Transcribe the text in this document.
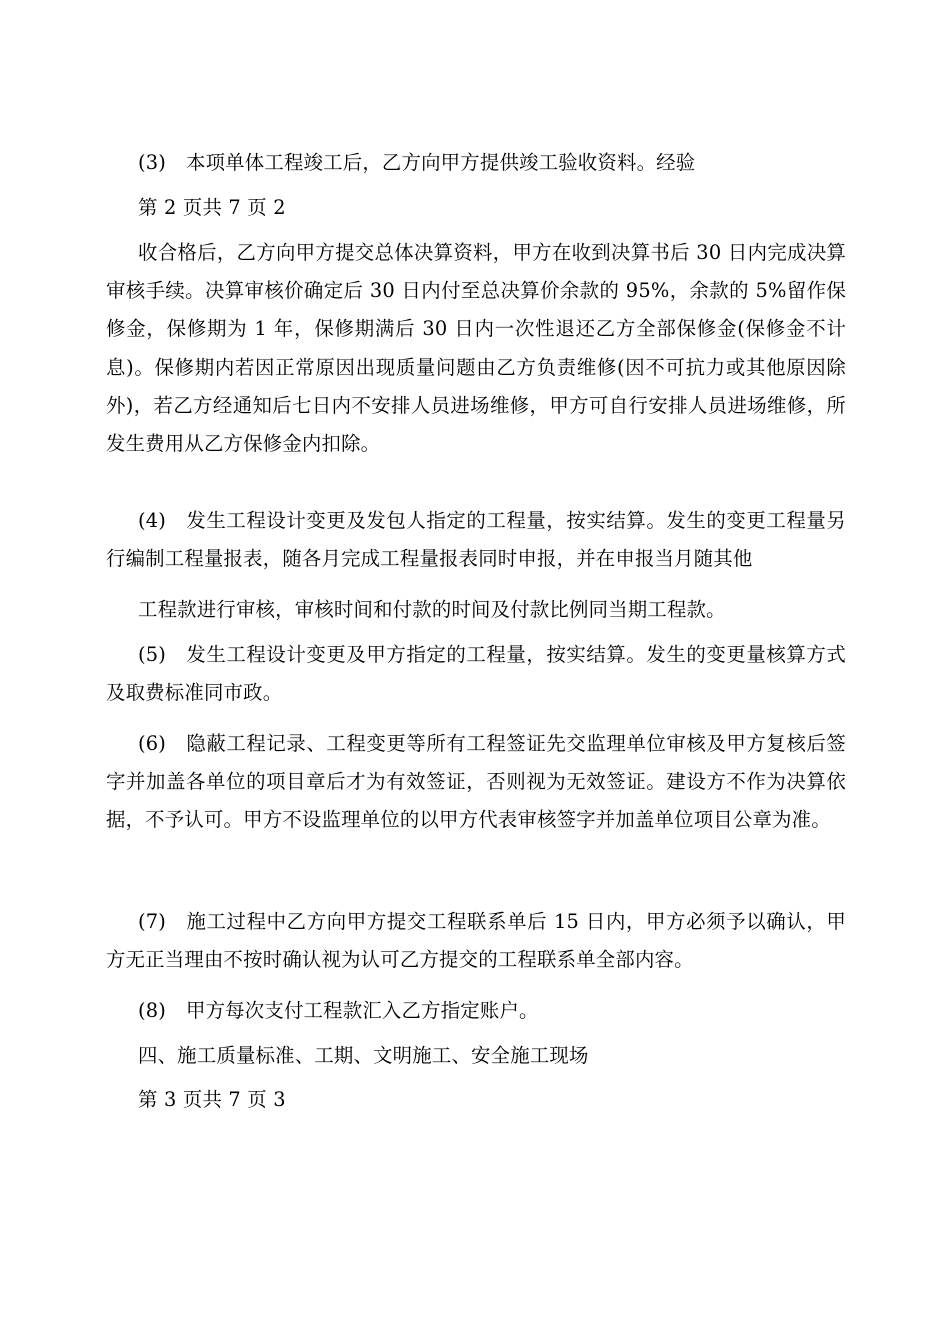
(3) 本项单体工程竣工后，乙方向甲方提供竣工验收资料。经验
第 2 页共 7 页 2
收合格后，乙方向甲方提交总体决算资料，甲方在收到决算书后 30 日内完成决算审核手续。决算审核价确定后 30 日内付至总决算价余款的 95%，余款的 5%留作保修金，保修期为 1 年，保修期满后 30 日内一次性退还乙方全部保修金(保修金不计息)。保修期内若因正常原因出现质量问题由乙方负责维修(因不可抗力或其他原因除外)，若乙方经通知后七日内不安排人员进场维修，甲方可自行安排人员进场维修，所发生费用从乙方保修金内扣除。
(4) 发生工程设计变更及发包人指定的工程量，按实结算。发生的变更工程量另行编制工程量报表，随各月完成工程量报表同时申报，并在申报当月随其他
工程款进行审核，审核时间和付款的时间及付款比例同当期工程款。
(5) 发生工程设计变更及甲方指定的工程量，按实结算。发生的变更量核算方式及取费标准同市政。
(6) 隐蔽工程记录、工程变更等所有工程签证先交监理单位审核及甲方复核后签字并加盖各单位的项目章后才为有效签证，否则视为无效签证。建设方不作为决算依据，不予认可。甲方不设监理单位的以甲方代表审核签字并加盖单位项目公章为准。
(7) 施工过程中乙方向甲方提交工程联系单后 15 日内，甲方必须予以确认，甲方无正当理由不按时确认视为认可乙方提交的工程联系单全部内容。
(8) 甲方每次支付工程款汇入乙方指定账户。
四、施工质量标准、工期、文明施工、安全施工现场
第 3 页共 7 页 3
